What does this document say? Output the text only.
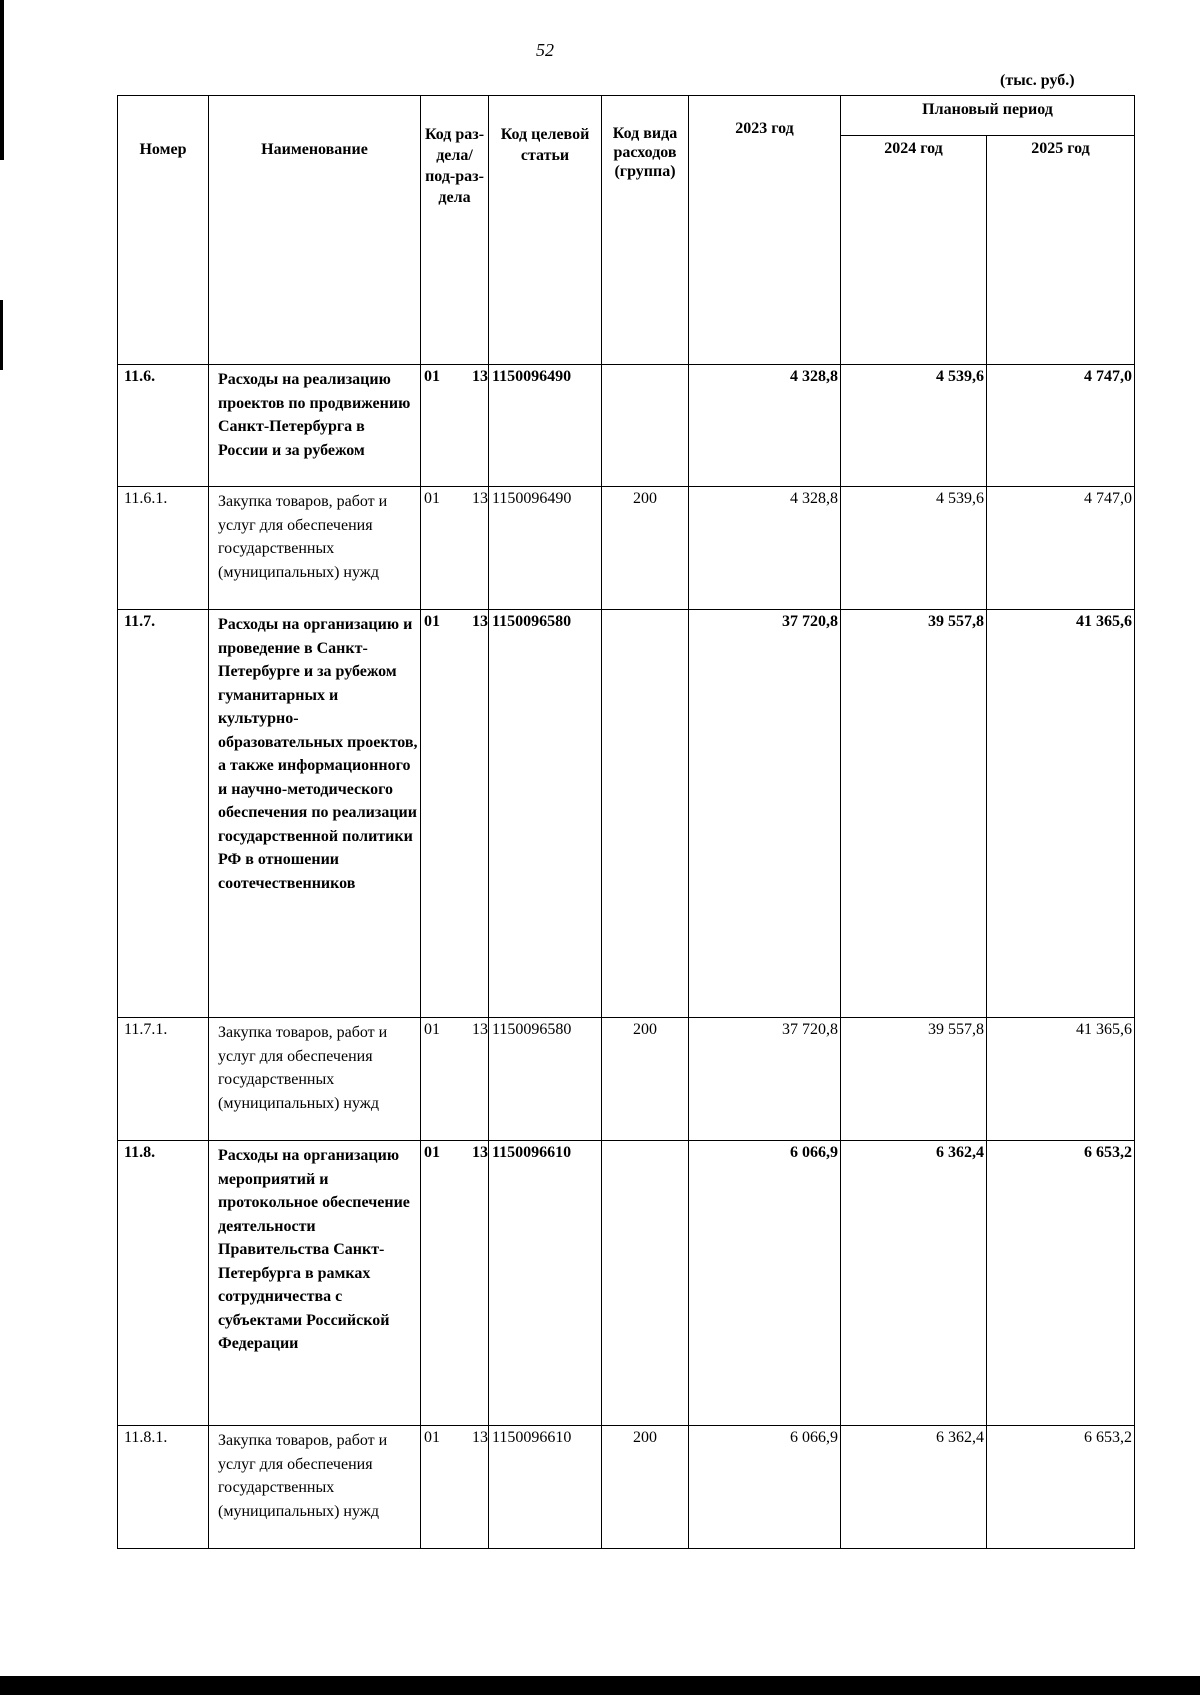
52
(тыс. руб.)
Номер	Наименование	Код раз-дела/ под-раз-дела	Код целевой статьи	Код вида расходов (группа)	2023 год	Плановый период	
						2024 год	2025 год
11.6.	Расходы на реализацию проектов по продвижению Санкт-Петербурга в России и за рубежом	01 13	1150096490		4 328,8	4 539,6	4 747,0
11.6.1.	Закупка товаров, работ и услуг для обеспечения государственных (муниципальных) нужд	01 13	1150096490	200	4 328,8	4 539,6	4 747,0
11.7.	Расходы на организацию и проведение в Санкт-Петербурге и за рубежом гуманитарных и культурно-образовательных проектов, а также информационного и научно-методического обеспечения по реализации государственной политики РФ в отношении соотечественников	01 13	1150096580		37 720,8	39 557,8	41 365,6
11.7.1.	Закупка товаров, работ и услуг для обеспечения государственных (муниципальных) нужд	01 13	1150096580	200	37 720,8	39 557,8	41 365,6
11.8.	Расходы на организацию мероприятий и протокольное обеспечение деятельности Правительства Санкт-Петербурга в рамках сотрудничества с субъектами Российской Федерации	01 13	1150096610		6 066,9	6 362,4	6 653,2
11.8.1.	Закупка товаров, работ и услуг для обеспечения государственных (муниципальных) нужд	01 13	1150096610	200	6 066,9	6 362,4	6 653,2
